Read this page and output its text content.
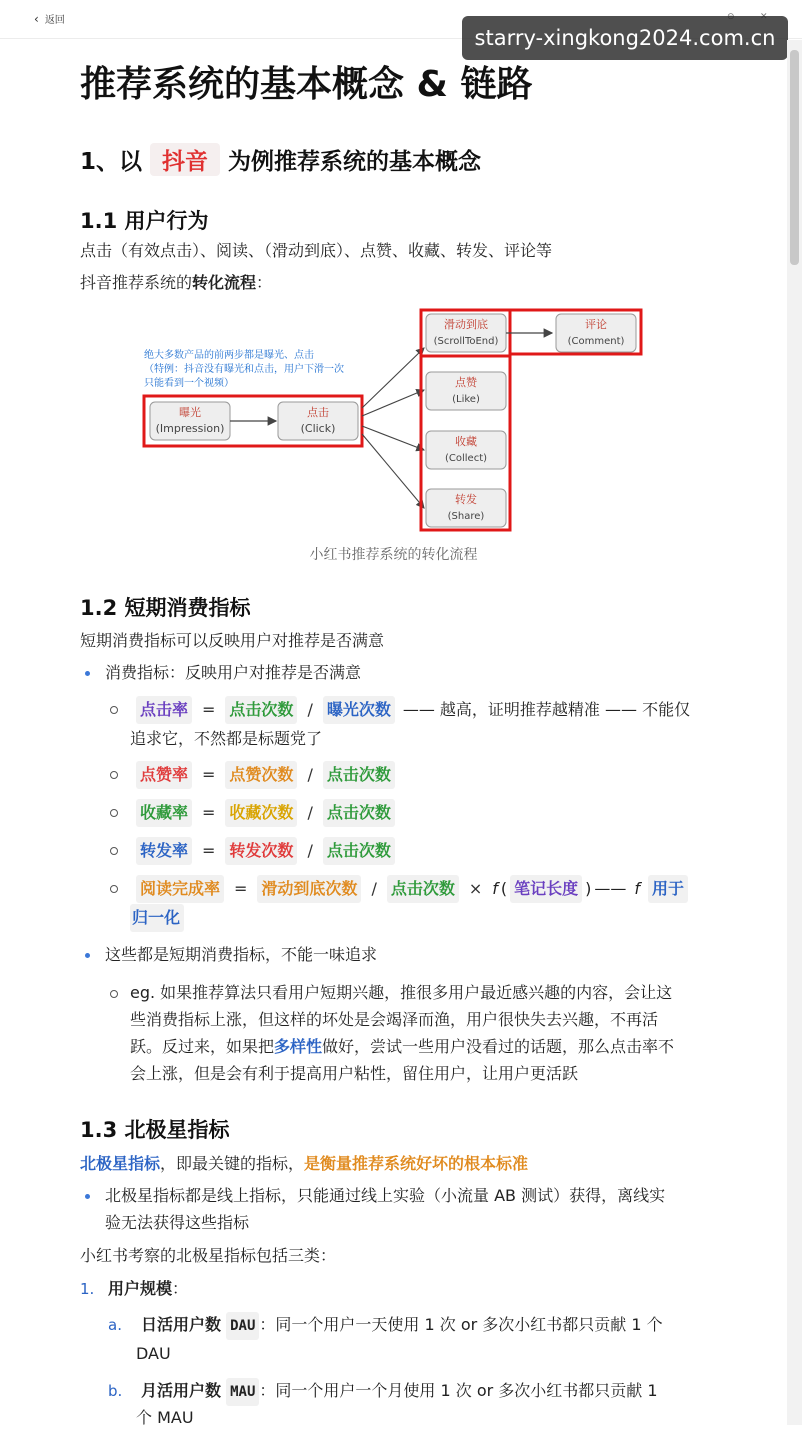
‹ 返回
starry-xingkong2024.com.cn
推荐系统的基本概念 & 链路
1、以 抖音 为例推荐系统的基本概念
1.1 用户行为
点击（有效点击）、阅读、（滑动到底）、点赞、收藏、转发、评论等
抖音推荐系统的转化流程：
绝大多数产品的前两步都是曝光、点击
（特例：抖音没有曝光和点击，用户下滑一次
只能看到一个视频）
曝光
(Impression)
点击
(Click)
滑动到底
(ScrollToEnd)
评论
(Comment)
点赞
(Like)
收藏
(Collect)
转发
(Share)
小红书推荐系统的转化流程
1.2 短期消费指标
短期消费指标可以反映用户对推荐是否满意
消费指标：反映用户对推荐是否满意
点击率 = 点击次数 / 曝光次数 —— 越高，证明推荐越精准 —— 不能仅
追求它，不然都是标题党了
点赞率 = 点赞次数 / 点击次数
收藏率 = 收藏次数 / 点击次数
转发率 = 转发次数 / 点击次数
阅读完成率 = 滑动到底次数 / 点击次数 × f ( 笔记长度 ) —— f 用于
归一化
这些都是短期消费指标，不能一味追求
eg. 如果推荐算法只看用户短期兴趣，推很多用户最近感兴趣的内容，会让这
些消费指标上涨，但这样的坏处是会竭泽而渔，用户很快失去兴趣，不再活
跃。反过来，如果把多样性做好，尝试一些用户没看过的话题，那么点击率不
会上涨，但是会有利于提高用户粘性，留住用户，让用户更活跃
1.3 北极星指标
北极星指标，即最关键的指标，是衡量推荐系统好坏的根本标准
北极星指标都是线上指标，只能通过线上实验（小流量 AB 测试）获得，离线实
验无法获得这些指标
小红书考察的北极星指标包括三类：
1. 用户规模：
a. 日活用户数 DAU ：同一个用户一天使用 1 次 or 多次小红书都只贡献 1 个
DAU
b. 月活用户数 MAU ：同一个用户一个月使用 1 次 or 多次小红书都只贡献 1
个 MAU
